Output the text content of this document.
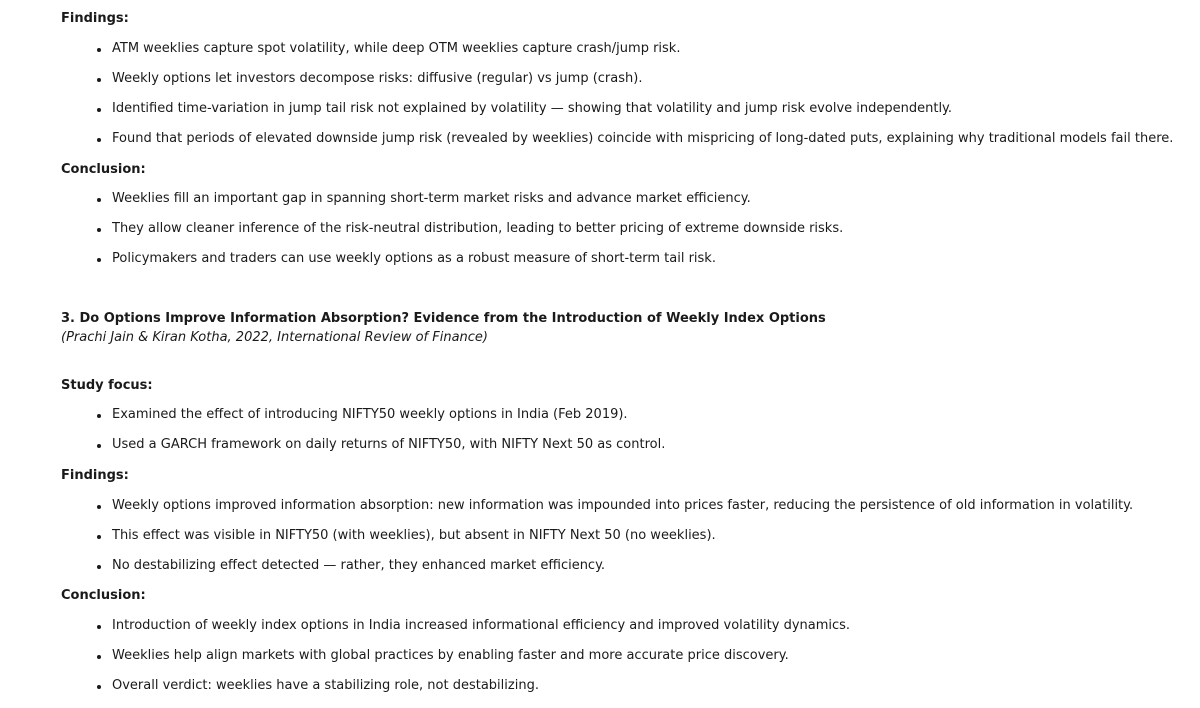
Findings:

ATM weeklies capture spot volatility, while deep OTM weeklies capture crash/jump risk.
Weekly options let investors decompose risks: diffusive (regular) vs jump (crash).
Identified time-variation in jump tail risk not explained by volatility — showing that volatility and jump risk evolve independently.
Found that periods of elevated downside jump risk (revealed by weeklies) coincide with mispricing of long-dated puts, explaining why traditional models fail there.

Conclusion:

Weeklies fill an important gap in spanning short-term market risks and advance market efficiency.
They allow cleaner inference of the risk-neutral distribution, leading to better pricing of extreme downside risks.
Policymakers and traders can use weekly options as a robust measure of short-term tail risk.

3. Do Options Improve Information Absorption? Evidence from the Introduction of Weekly Index Options

(Prachi Jain & Kiran Kotha, 2022, International Review of Finance)

Study focus:

Examined the effect of introducing NIFTY50 weekly options in India (Feb 2019).
Used a GARCH framework on daily returns of NIFTY50, with NIFTY Next 50 as control.

Findings:

Weekly options improved information absorption: new information was impounded into prices faster, reducing the persistence of old information in volatility.
This effect was visible in NIFTY50 (with weeklies), but absent in NIFTY Next 50 (no weeklies).
No destabilizing effect detected — rather, they enhanced market efficiency.

Conclusion:

Introduction of weekly index options in India increased informational efficiency and improved volatility dynamics.
Weeklies help align markets with global practices by enabling faster and more accurate price discovery.
Overall verdict: weeklies have a stabilizing role, not destabilizing.
